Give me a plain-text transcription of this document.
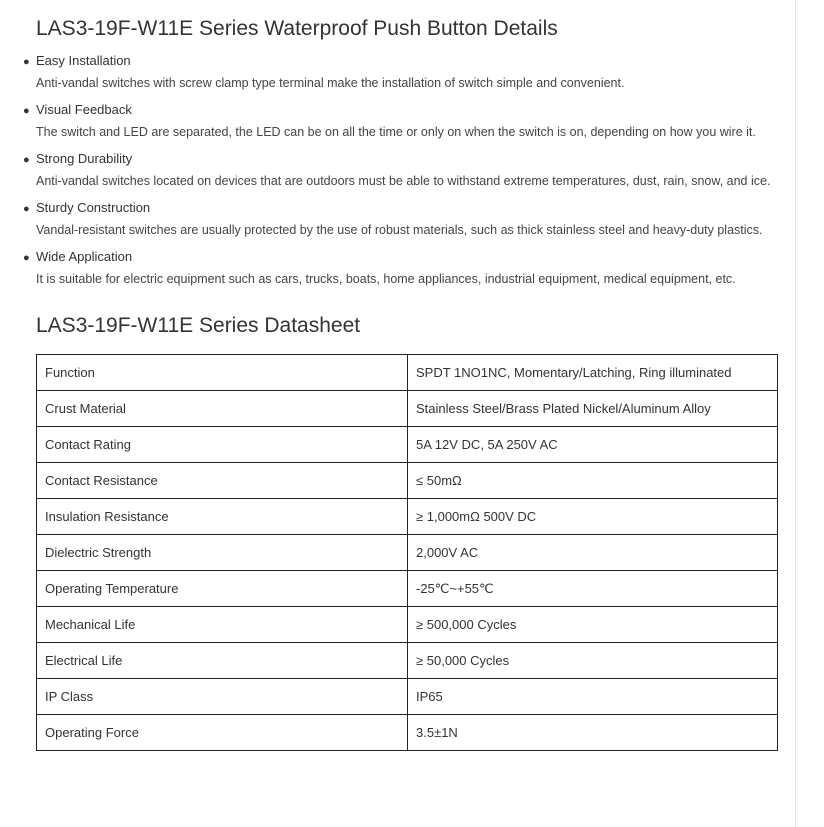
LAS3-19F-W11E Series Waterproof Push Button Details
● Easy Installation
Anti-vandal switches with screw clamp type terminal make the installation of switch simple and convenient.
● Visual Feedback
The switch and LED are separated, the LED can be on all the time or only on when the switch is on, depending on how you wire it.
● Strong Durability
Anti-vandal switches located on devices that are outdoors must be able to withstand extreme temperatures, dust, rain, snow, and ice.
● Sturdy Construction
Vandal-resistant switches are usually protected by the use of robust materials, such as thick stainless steel and heavy-duty plastics.
● Wide Application
It is suitable for electric equipment such as cars, trucks, boats, home appliances, industrial equipment, medical equipment, etc.
LAS3-19F-W11E Series Datasheet
Function	SPDT 1NO1NC, Momentary/Latching, Ring illuminated
Crust Material	Stainless Steel/Brass Plated Nickel/Aluminum Alloy
Contact Rating	5A 12V DC, 5A 250V AC
Contact Resistance	≤ 50mΩ
Insulation Resistance	≥ 1,000mΩ 500V DC
Dielectric Strength	2,000V AC
Operating Temperature	-25℃~+55℃
Mechanical Life	≥ 500,000 Cycles
Electrical Life	≥ 50,000 Cycles
IP Class	IP65
Operating Force	3.5±1N
